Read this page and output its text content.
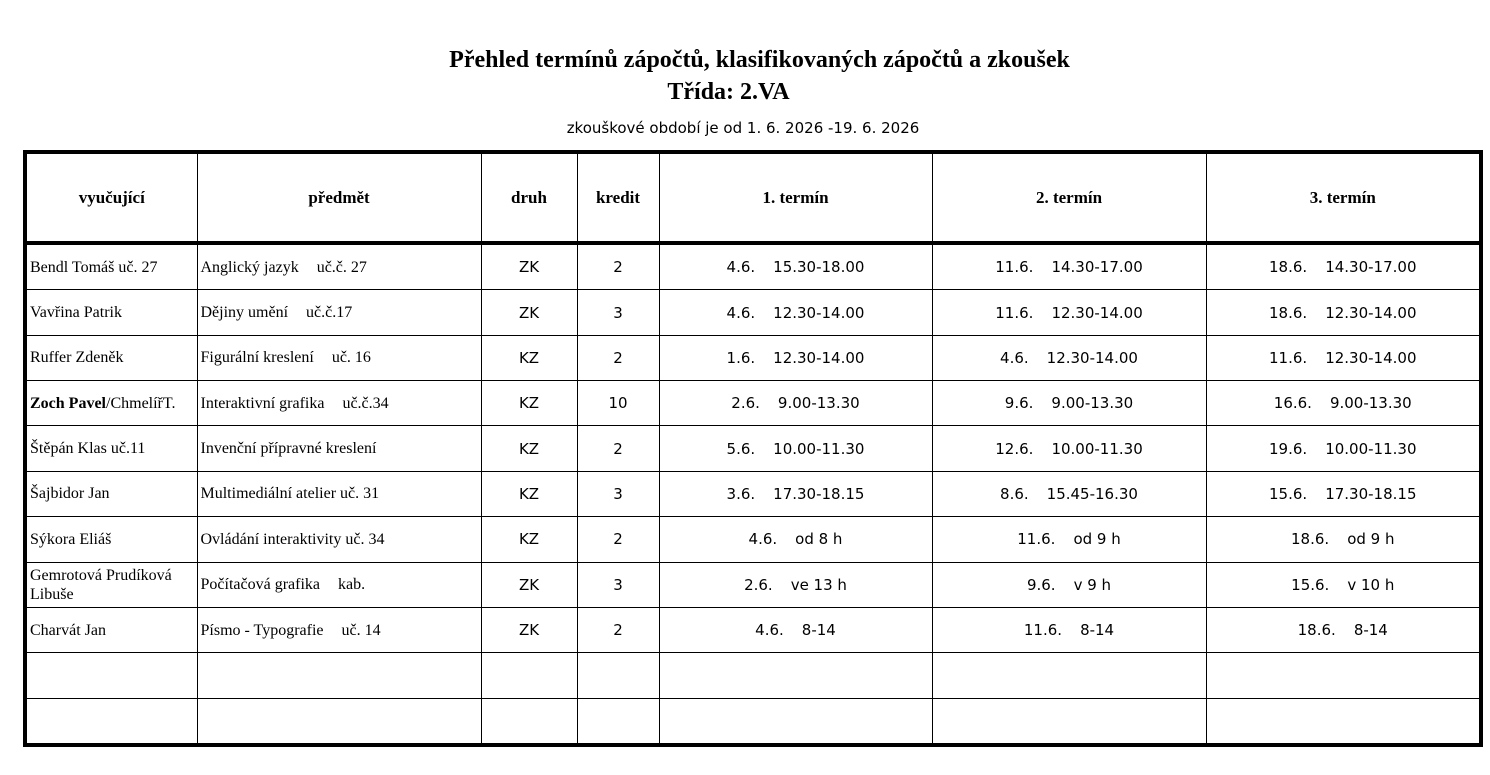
Přehled termínů zápočtů, klasifikovaných zápočtů a zkoušek
Třída: 2.VA
zkouškové období je od 1. 6. 2026 -19. 6. 2026
vyučující	předmět	druh	kredit	1. termín	2. termín	3. termín
Bendl Tomáš uč. 27	Anglický jazyk uč.č. 27	ZK	2	4.6. 15.30-18.00	11.6. 14.30-17.00	18.6. 14.30-17.00
Vavřina Patrik	Dějiny umění uč.č.17	ZK	3	4.6. 12.30-14.00	11.6. 12.30-14.00	18.6. 12.30-14.00
Ruffer Zdeněk	Figurální kreslení uč. 16	KZ	2	1.6. 12.30-14.00	4.6. 12.30-14.00	11.6. 12.30-14.00
Zoch Pavel/ChmelířT.	Interaktivní grafika uč.č.34	KZ	10	2.6. 9.00-13.30	9.6. 9.00-13.30	16.6. 9.00-13.30
Štěpán Klas uč.11	Invenční přípravné kreslení	KZ	2	5.6. 10.00-11.30	12.6. 10.00-11.30	19.6. 10.00-11.30
Šajbidor Jan	Multimediální atelier uč. 31	KZ	3	3.6. 17.30-18.15	8.6. 15.45-16.30	15.6. 17.30-18.15
Sýkora Eliáš	Ovládání interaktivity uč. 34	KZ	2	4.6. od 8 h	11.6. od 9 h	18.6. od 9 h
Gemrotová Prudíková Libuše	Počítačová grafika kab.	ZK	3	2.6. ve 13 h	9.6. v 9 h	15.6. v 10 h
Charvát Jan	Písmo - Typografie uč. 14	ZK	2	4.6. 8-14	11.6. 8-14	18.6. 8-14
